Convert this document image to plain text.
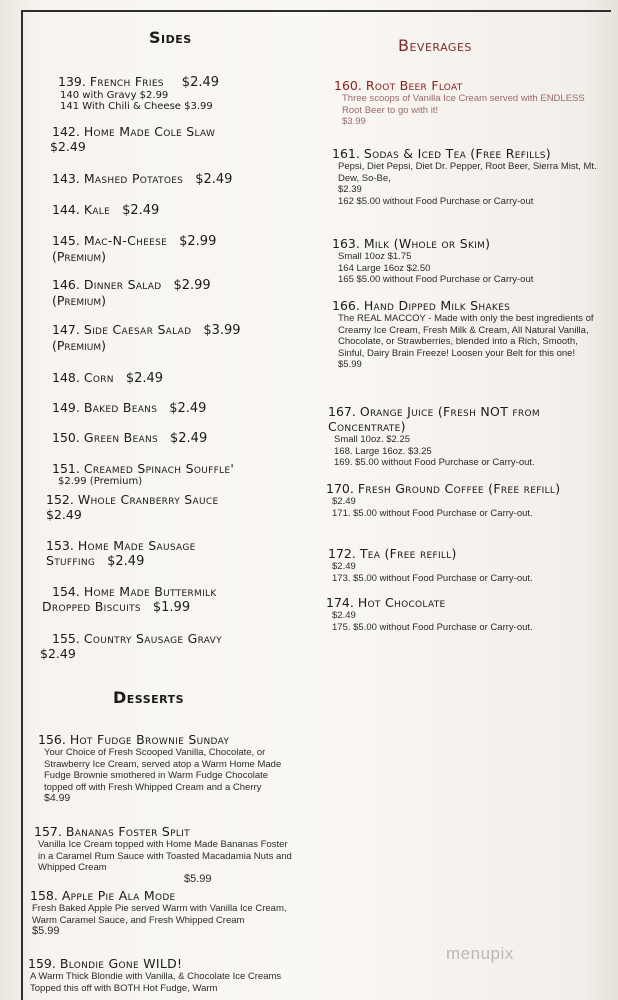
Sides
139. French Fries $2.49
140 with Gravy $2.99
141 With Chili & Cheese $3.99
142. Home Made Cole Slaw
$2.49
143. Mashed Potatoes $2.49
144. Kale $2.49
145. Mac-N-Cheese $2.99
(Premium)
146. Dinner Salad $2.99
(Premium)
147. Side Caesar Salad $3.99
(Premium)
148. Corn $2.49
149. Baked Beans $2.49
150. Green Beans $2.49
151. Creamed Spinach Souffle'
$2.99 (Premium)
152. Whole Cranberry Sauce
$2.49
153. Home Made Sausage
Stuffing $2.49
154. Home Made Buttermilk
Dropped Biscuits $1.99
155. Country Sausage Gravy
$2.49
Beverages
160. Root Beer Float
Three scoops of Vanilla Ice Cream served with ENDLESS Root Beer to go with it!
$3.99
161. Sodas & Iced Tea (Free Refills)
Pepsi, Diet Pepsi, Diet Dr. Pepper, Root Beer, Sierra Mist, Mt. Dew, So-Be,
$2.39
162 $5.00 without Food Purchase or Carry-out
163. Milk (Whole or Skim)
Small 10oz $1.75
164 Large 16oz $2.50
165 $5.00 without Food Purchase or Carry-out
166. Hand Dipped Milk Shakes
The REAL MACCOY - Made with only the best ingredients of Creamy Ice Cream, Fresh Milk & Cream, All Natural Vanilla, Chocolate, or Strawberries, blended into a Rich, Smooth, Sinful, Dairy Brain Freeze! Loosen your Belt for this one!
$5.99
167. Orange Juice (Fresh NOT from Concentrate)
Small 10oz. $2.25
168. Large 16oz. $3.25
169. $5.00 without Food Purchase or Carry-out.
170. Fresh Ground Coffee (Free refill)
$2.49
171. $5.00 without Food Purchase or Carry-out.
172. Tea (Free refill)
$2.49
173. $5.00 without Food Purchase or Carry-out.
174. Hot Chocolate
$2.49
175. $5.00 without Food Purchase or Carry-out.
Desserts
156. Hot Fudge Brownie Sunday
Your Choice of Fresh Scooped Vanilla, Chocolate, or Strawberry Ice Cream, served atop a Warm Home Made Fudge Brownie smothered in Warm Fudge Chocolate topped off with Fresh Whipped Cream and a Cherry
$4.99
157. Bananas Foster Split
Vanilla Ice Cream topped with Home Made Bananas Foster in a Caramel Rum Sauce with Toasted Macadamia Nuts and Whipped Cream
$5.99
158. Apple Pie Ala Mode
Fresh Baked Apple Pie served Warm with Vanilla Ice Cream, Warm Caramel Sauce, and Fresh Whipped Cream
$5.99
159. Blondie Gone WILD!
A Warm Thick Blondie with Vanilla, & Chocolate Ice Creams Topped this off with BOTH Hot Fudge, Warm
menupix
